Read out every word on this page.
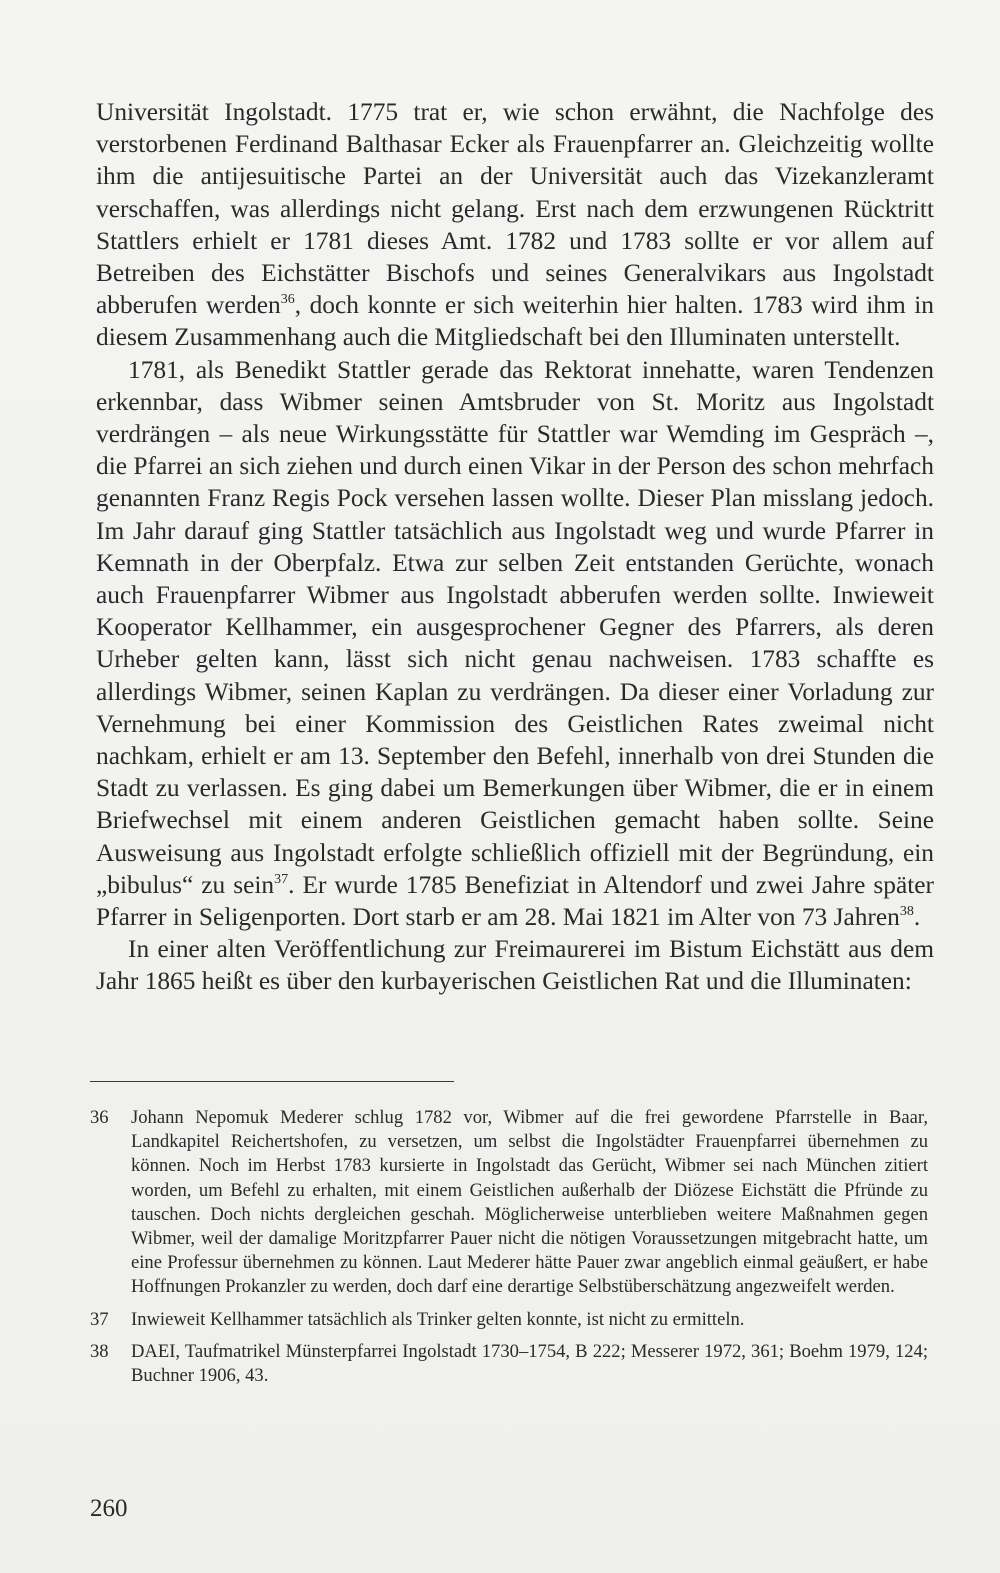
Universität Ingolstadt. 1775 trat er, wie schon erwähnt, die Nachfolge des verstorbenen Ferdinand Balthasar Ecker als Frauenpfarrer an. Gleichzeitig wollte ihm die antijesuitische Partei an der Universität auch das Vizekanzleramt verschaffen, was allerdings nicht gelang. Erst nach dem erzwungenen Rücktritt Stattlers erhielt er 1781 dieses Amt. 1782 und 1783 sollte er vor allem auf Betreiben des Eichstätter Bischofs und seines Generalvikars aus Ingolstadt abberufen werden$^{36}$, doch konnte er sich weiterhin hier halten. 1783 wird ihm in diesem Zusammenhang auch die Mitgliedschaft bei den Illuminaten unterstellt.

1781, als Benedikt Stattler gerade das Rektorat innehatte, waren Tendenzen erkennbar, dass Wibmer seinen Amtsbruder von St. Moritz aus Ingolstadt verdrängen – als neue Wirkungsstätte für Stattler war Wemding im Gespräch –, die Pfarrei an sich ziehen und durch einen Vikar in der Person des schon mehrfach genannten Franz Regis Pock versehen lassen wollte. Dieser Plan misslang jedoch. Im Jahr darauf ging Stattler tatsächlich aus Ingolstadt weg und wurde Pfarrer in Kemnath in der Oberpfalz. Etwa zur selben Zeit entstanden Gerüchte, wonach auch Frauenpfarrer Wibmer aus Ingolstadt abberufen werden sollte. Inwieweit Kooperator Kellhammer, ein ausgesprochener Gegner des Pfarrers, als deren Urheber gelten kann, lässt sich nicht genau nachweisen. 1783 schaffte es allerdings Wibmer, seinen Kaplan zu verdrängen. Da dieser einer Vorladung zur Vernehmung bei einer Kommission des Geistlichen Rates zweimal nicht nachkam, erhielt er am 13. September den Befehl, innerhalb von drei Stunden die Stadt zu verlassen. Es ging dabei um Bemerkungen über Wibmer, die er in einem Briefwechsel mit einem anderen Geistlichen gemacht haben sollte. Seine Ausweisung aus Ingolstadt erfolgte schließlich offiziell mit der Begründung, ein „bibulus“ zu sein$^{37}$. Er wurde 1785 Benefiziat in Altendorf und zwei Jahre später Pfarrer in Seligenporten. Dort starb er am 28. Mai 1821 im Alter von 73 Jahren$^{38}$.

In einer alten Veröffentlichung zur Freimaurerei im Bistum Eichstätt aus dem Jahr 1865 heißt es über den kurbayerischen Geistlichen Rat und die Illuminaten:

36	Johann Nepomuk Mederer schlug 1782 vor, Wibmer auf die frei gewordene Pfarrstelle in Baar, Landkapitel Reichertshofen, zu versetzen, um selbst die Ingolstädter Frauenpfarrei übernehmen zu können. Noch im Herbst 1783 kursierte in Ingolstadt das Gerücht, Wibmer sei nach München zitiert worden, um Befehl zu erhalten, mit einem Geistlichen außerhalb der Diözese Eichstätt die Pfründe zu tauschen. Doch nichts dergleichen geschah. Möglicherweise unterblieben weitere Maßnahmen gegen Wibmer, weil der damalige Moritzpfarrer Pauer nicht die nötigen Voraussetzungen mitgebracht hatte, um eine Professur übernehmen zu können. Laut Mederer hätte Pauer zwar angeblich einmal geäußert, er habe Hoffnungen Prokanzler zu werden, doch darf eine derartige Selbstüberschätzung angezweifelt werden.
37	Inwieweit Kellhammer tatsächlich als Trinker gelten konnte, ist nicht zu ermitteln.
38	DAEI, Taufmatrikel Münsterpfarrei Ingolstadt 1730–1754, B 222; Messerer 1972, 361; Boehm 1979, 124; Buchner 1906, 43.
260
